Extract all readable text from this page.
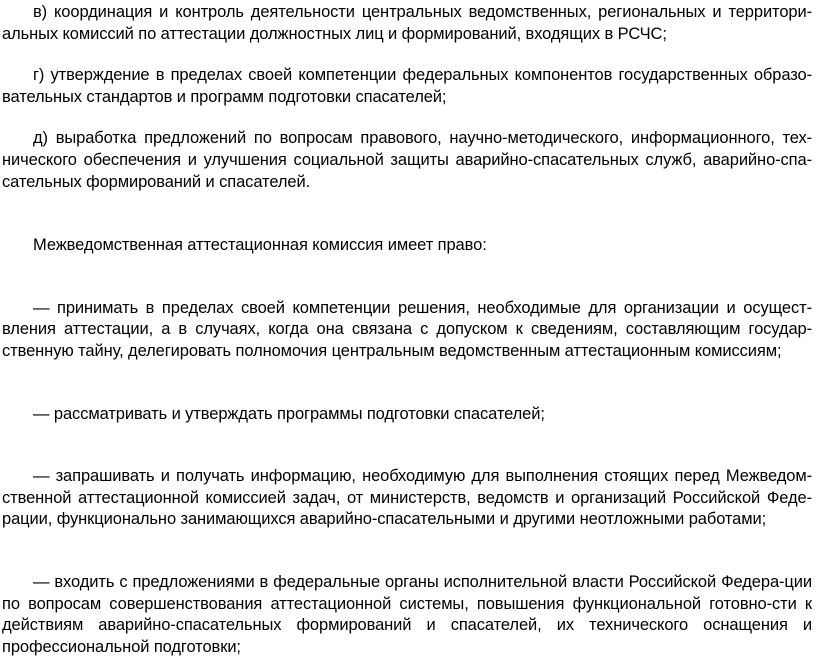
в) координация и контроль деятельности центральных ведомственных, региональных и территори-альных комиссий по аттестации должностных лиц и формирований, входящих в РСЧС;

г) утверждение в пределах своей компетенции федеральных компонентов государственных образо-вательных стандартов и программ подготовки спасателей;

д) выработка предложений по вопросам правового, научно-методического, информационного, тех-нического обеспечения и улучшения социальной защиты аварийно-спасательных служб, аварийно-спа-сательных формирований и спасателей.

Межведомственная аттестационная комиссия имеет право:

— принимать в пределах своей компетенции решения, необходимые для организации и осущест-вления аттестации, а в случаях, когда она связана с допуском к сведениям, составляющим государ-ственную тайну, делегировать полномочия центральным ведомственным аттестационным комиссиям;

— рассматривать и утверждать программы подготовки спасателей;

— запрашивать и получать информацию, необходимую для выполнения стоящих перед Межведом-ственной аттестационной комиссией задач, от министерств, ведомств и организаций Российской Феде-рации, функционально занимающихся аварийно-спасательными и другими неотложными работами;

— входить с предложениями в федеральные органы исполнительной власти Российской Федера-ции по вопросам совершенствования аттестационной системы, повышения функциональной готовно-сти к действиям аварийно-спасательных формирований и спасателей, их технического оснащения и профессиональной подготовки;
